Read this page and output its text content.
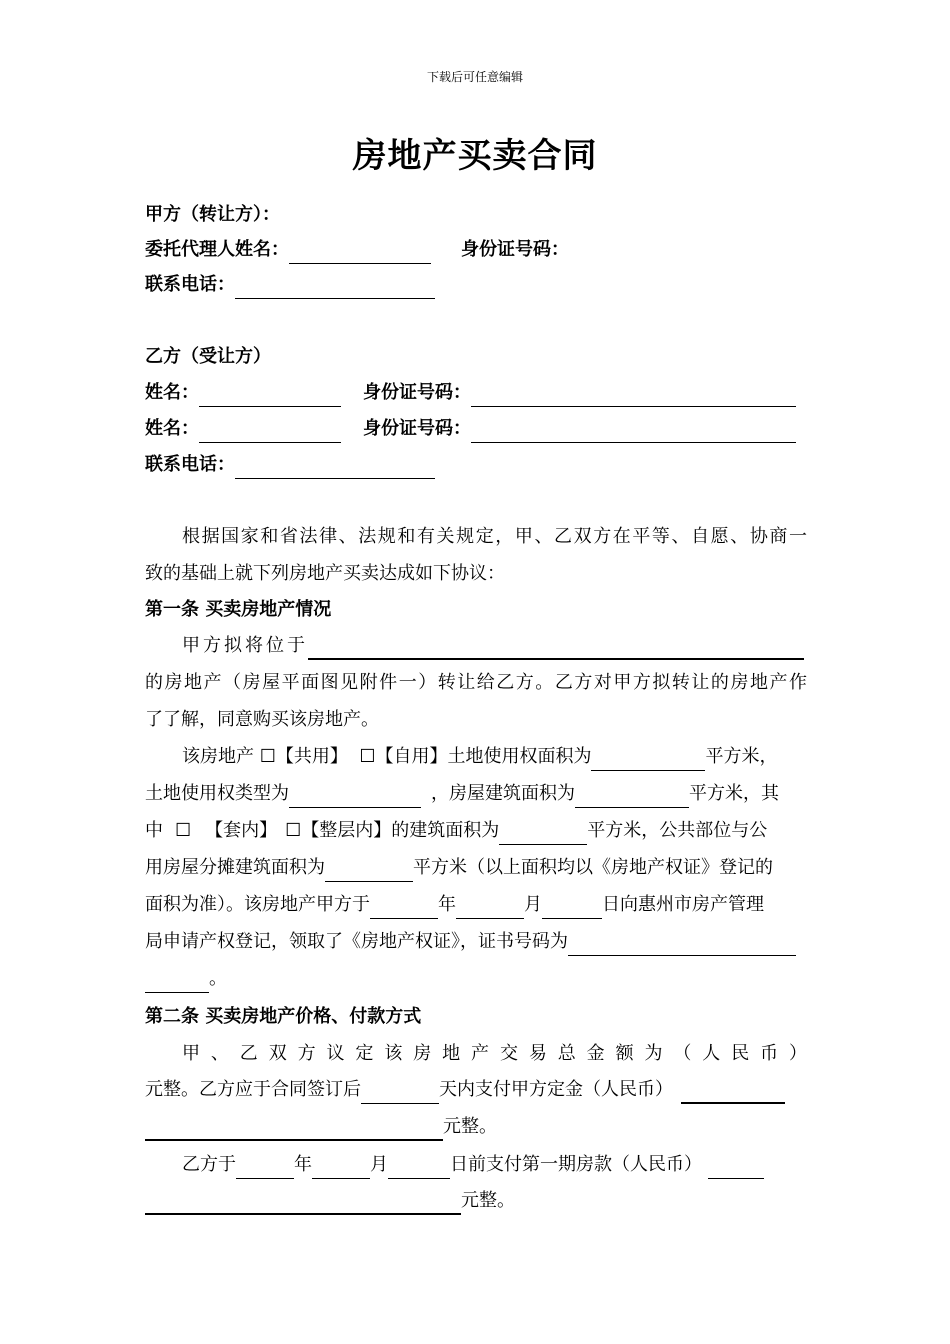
下载后可任意编辑
房地产买卖合同
甲方（转让方）：
委托代理人姓名：	身份证号码：
联系电话：
乙方（受让方）
姓名：	身份证号码：
姓名：	身份证号码：
联系电话：
根据国家和省法律、法规和有关规定，甲、乙双方在平等、自愿、协商一
致的基础上就下列房地产买卖达成如下协议：
第一条 买卖房地产情况
甲方拟将位于
的房地产（房屋平面图见附件一）转让给乙方。乙方对甲方拟转让的房地产作
了了解，同意购买该房地产。
该房地产 ☐【共用】  ☐【自用】土地使用权面积为	平方米，
土地使用权类型为	，房屋建筑面积为	平方米，其
中 ☐ 【套内】 ☐【整层内】的建筑面积为	平方米，公共部位与公
用房屋分摊建筑面积为	平方米（以上面积均以《房地产权证》登记的
面积为准）。该房地产甲方于	年	月	日向惠州市房产管理
局申请产权登记，领取了《房地产权证》，证书号码为
。
第二条 买卖房地产价格、付款方式
甲、乙双方议定该房地产交易总金额为（人民币）
元整。乙方应于合同签订后	天内支付甲方定金（人民币）
元整。
乙方于	年	月	日前支付第一期房款（人民币）
元整。
